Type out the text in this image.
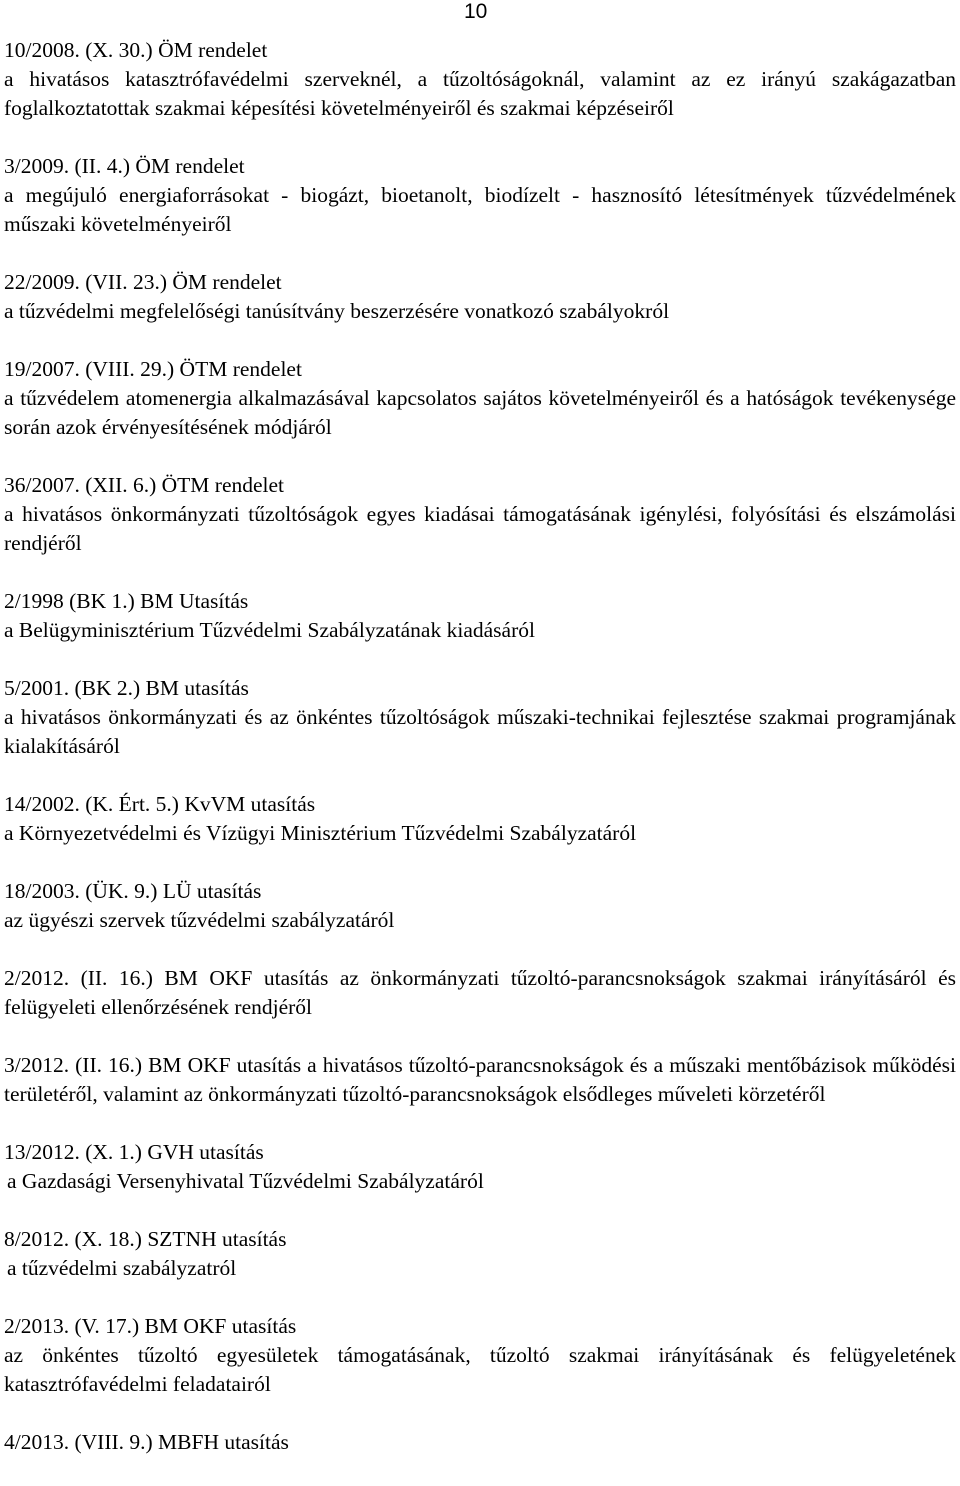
10
10/2008. (X. 30.) ÖM rendelet
a hivatásos katasztrófavédelmi szerveknél, a tűzoltóságoknál, valamint az ez irányú szakágazatban foglalkoztatottak szakmai képesítési követelményeiről és szakmai képzéseiről
3/2009. (II. 4.) ÖM rendelet
a megújuló energiaforrásokat - biogázt, bioetanolt, biodízelt - hasznosító létesítmények tűzvédelmének műszaki követelményeiről
22/2009. (VII. 23.) ÖM rendelet
a tűzvédelmi megfelelőségi tanúsítvány beszerzésére vonatkozó szabályokról
19/2007. (VIII. 29.) ÖTM rendelet
a tűzvédelem atomenergia alkalmazásával kapcsolatos sajátos követelményeiről és a hatóságok tevékenysége során azok érvényesítésének módjáról
36/2007. (XII. 6.) ÖTM rendelet
a hivatásos önkormányzati tűzoltóságok egyes kiadásai támogatásának igénylési, folyósítási és elszámolási rendjéről
2/1998 (BK 1.) BM Utasítás
a Belügyminisztérium Tűzvédelmi Szabályzatának kiadásáról
5/2001. (BK 2.) BM utasítás
a hivatásos önkormányzati és az önkéntes tűzoltóságok műszaki-technikai fejlesztése szakmai programjának kialakításáról
14/2002. (K. Ért. 5.) KvVM utasítás
a Környezetvédelmi és Vízügyi Minisztérium Tűzvédelmi Szabályzatáról
18/2003. (ÜK. 9.) LÜ utasítás
az ügyészi szervek tűzvédelmi szabályzatáról
2/2012. (II. 16.) BM OKF utasítás az önkormányzati tűzoltó-parancsnokságok szakmai irányításáról és felügyeleti ellenőrzésének rendjéről
3/2012. (II. 16.) BM OKF utasítás a hivatásos tűzoltó-parancsnokságok és a műszaki mentőbázisok működési területéről, valamint az önkormányzati tűzoltó-parancsnokságok elsődleges műveleti körzetéről
13/2012. (X. 1.) GVH utasítás
a Gazdasági Versenyhivatal Tűzvédelmi Szabályzatáról
8/2012. (X. 18.) SZTNH utasítás
a tűzvédelmi szabályzatról
2/2013. (V. 17.) BM OKF utasítás
az önkéntes tűzoltó egyesületek támogatásának, tűzoltó szakmai irányításának és felügyeletének katasztrófavédelmi feladatairól
4/2013. (VIII. 9.) MBFH utasítás
